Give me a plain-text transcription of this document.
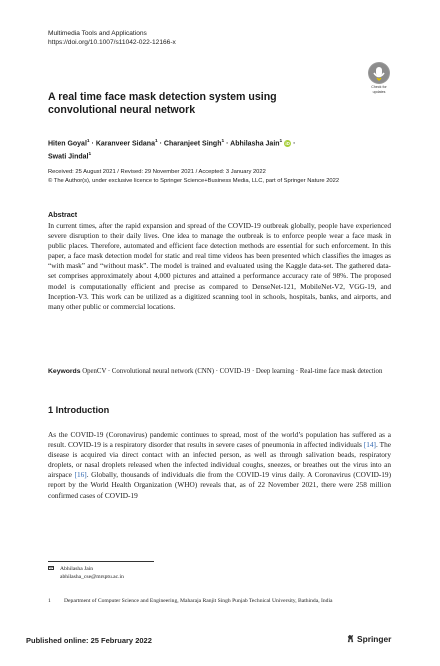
Multimedia Tools and Applications
https://doi.org/10.1007/s11042-022-12166-x
Check for
updates
A real time face mask detection system using convolutional neural network
Hiten Goyal$^1$ · Karanveer Sidana$^1$ · Charanjeet Singh$^1$ · Abhilasha Jain$^1$ iD ·
Swati Jindal$^1$
Received: 25 August 2021 / Revised: 29 November 2021 / Accepted: 3 January 2022
© The Author(s), under exclusive licence to Springer Science+Business Media, LLC, part of Springer Nature 2022
Abstract
In current times, after the rapid expansion and spread of the COVID-19 outbreak globally, people have experienced severe disruption to their daily lives. One idea to manage the outbreak is to enforce people wear a face mask in public places. Therefore, automated and efficient face detection methods are essential for such enforcement. In this paper, a face mask detection model for static and real time videos has been presented which classifies the images as “with mask” and “without mask”. The model is trained and evaluated using the Kaggle data-set. The gathered data-set comprises approximately about 4,000 pictures and attained a performance accuracy rate of 98%. The proposed model is computationally efficient and precise as compared to DenseNet-121, MobileNet-V2, VGG-19, and Inception-V3. This work can be utilized as a digitized scanning tool in schools, hospitals, banks, and airports, and many other public or commercial locations.
Keywords OpenCV · Convolutional neural network (CNN) · COVID-19 · Deep learning · Real-time face mask detection
1 Introduction
As the COVID-19 (Coronavirus) pandemic continues to spread, most of the world’s population has suffered as a result. COVID-19 is a respiratory disorder that results in severe cases of pneumonia in affected individuals [14]. The disease is acquired via direct contact with an infected person, as well as through salivation beads, respiratory droplets, or nasal droplets released when the infected individual coughs, sneezes, or breathes out the virus into an airspace [16]. Globally, thousands of individuals die from the COVID-19 virus daily. A Coronavirus (COVID-19) report by the World Health Organization (WHO) reveals that, as of 22 November 2021, there were 258 million confirmed cases of COVID-19
Abhilasha Jain
abhilasha_cse@mrsptu.ac.in
1	Department of Computer Science and Engineering, Maharaja Ranjit Singh Punjab Technical University, Bathinda, India
Published online: 25 February 2022	Springer
